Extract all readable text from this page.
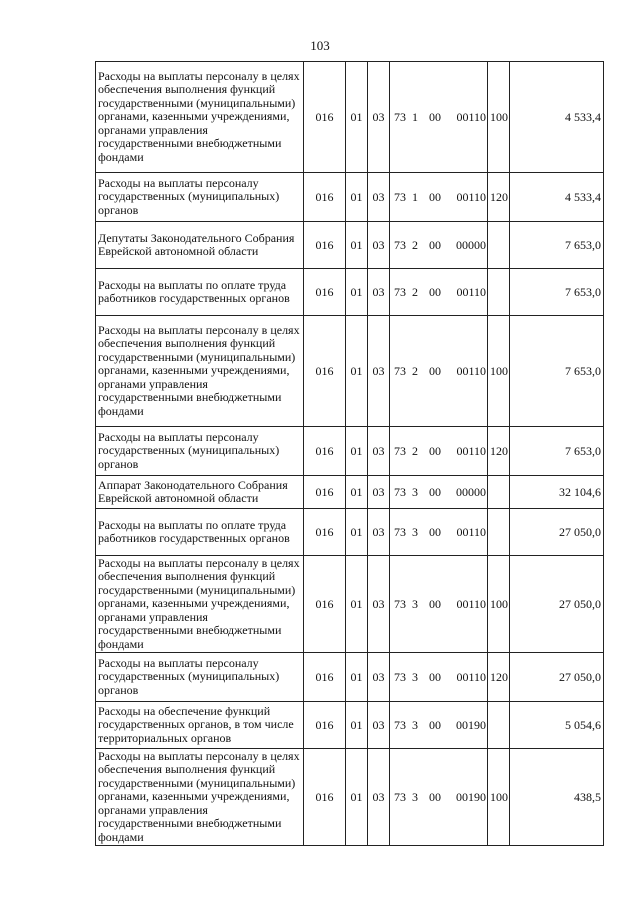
103
Расходы на выплаты персоналу в целях обеспечения выполнения функций государственными (муниципальными) органами, казенными учреждениями, органами управления государственными внебюджетными фондами	016	01	03	73 1 00 00110	100	4 533,4
Расходы на выплаты персоналу государственных (муниципальных) органов	016	01	03	73 1 00 00110	120	4 533,4
Депутаты Законодательного Собрания Еврейской автономной области	016	01	03	73 2 00 00000		7 653,0
Расходы на выплаты по оплате труда работников государственных органов	016	01	03	73 2 00 00110		7 653,0
Расходы на выплаты персоналу в целях обеспечения выполнения функций государственными (муниципальными) органами, казенными учреждениями, органами управления государственными внебюджетными фондами	016	01	03	73 2 00 00110	100	7 653,0
Расходы на выплаты персоналу государственных (муниципальных) органов	016	01	03	73 2 00 00110	120	7 653,0
Аппарат Законодательного Собрания Еврейской автономной области	016	01	03	73 3 00 00000		32 104,6
Расходы на выплаты по оплате труда работников государственных органов	016	01	03	73 3 00 00110		27 050,0
Расходы на выплаты персоналу в целях обеспечения выполнения функций государственными (муниципальными) органами, казенными учреждениями, органами управления государственными внебюджетными фондами	016	01	03	73 3 00 00110	100	27 050,0
Расходы на выплаты персоналу государственных (муниципальных) органов	016	01	03	73 3 00 00110	120	27 050,0
Расходы на обеспечение функций государственных органов, в том числе территориальных органов	016	01	03	73 3 00 00190		5 054,6
Расходы на выплаты персоналу в целях обеспечения выполнения функций государственными (муниципальными) органами, казенными учреждениями, органами управления государственными внебюджетными фондами	016	01	03	73 3 00 00190	100	438,5
